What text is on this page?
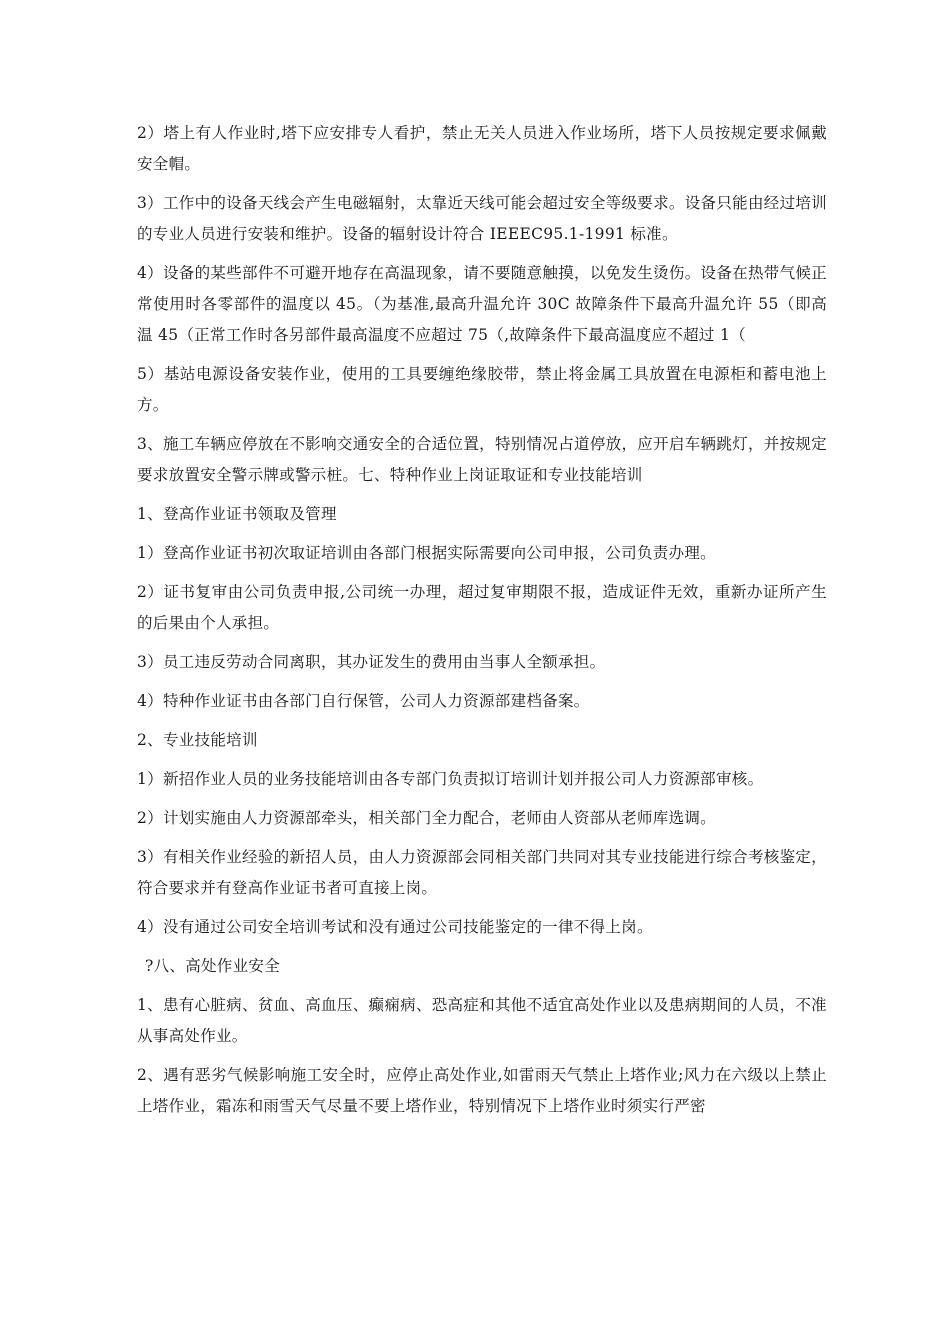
2）塔上有人作业时,塔下应安排专人看护，禁止无关人员进入作业场所，塔下人员按规定要求佩戴安全帽。

3）工作中的设备天线会产生电磁辐射，太靠近天线可能会超过安全等级要求。设备只能由经过培训的专业人员进行安装和维护。设备的辐射设计符合 IEEEC95.1-1991 标准。

4）设备的某些部件不可避开地存在高温现象，请不要随意触摸，以免发生烫伤。设备在热带气候正常使用时各零部件的温度以 45。（为基准,最高升温允许 30C 故障条件下最高升温允许 55（即高温 45（正常工作时各另部件最高温度不应超过 75（,故障条件下最高温度应不超过 1（

5）基站电源设备安装作业，使用的工具要缠绝缘胶带，禁止将金属工具放置在电源柜和蓄电池上方。

3、施工车辆应停放在不影响交通安全的合适位置，特别情况占道停放，应开启车辆跳灯，并按规定要求放置安全警示牌或警示桩。七、特种作业上岗证取证和专业技能培训

1、登高作业证书领取及管理

1）登高作业证书初次取证培训由各部门根据实际需要向公司申报，公司负责办理。

2）证书复审由公司负责申报,公司统一办理，超过复审期限不报，造成证件无效，重新办证所产生的后果由个人承担。

3）员工违反劳动合同离职，其办证发生的费用由当事人全额承担。

4）特种作业证书由各部门自行保管，公司人力资源部建档备案。

2、专业技能培训

1）新招作业人员的业务技能培训由各专部门负责拟订培训计划并报公司人力资源部审核。

2）计划实施由人力资源部牵头，相关部门全力配合，老师由人资部从老师库选调。

3）有相关作业经验的新招人员，由人力资源部会同相关部门共同对其专业技能进行综合考核鉴定，符合要求并有登高作业证书者可直接上岗。

4）没有通过公司安全培训考试和没有通过公司技能鉴定的一律不得上岗。

?八、高处作业安全

1、患有心脏病、贫血、高血压、癫痫病、恐高症和其他不适宜高处作业以及患病期间的人员，不准从事高处作业。

2、遇有恶劣气候影响施工安全时，应停止高处作业,如雷雨天气禁止上塔作业;风力在六级以上禁止上塔作业，霜冻和雨雪天气尽量不要上塔作业，特别情况下上塔作业时须实行严密
